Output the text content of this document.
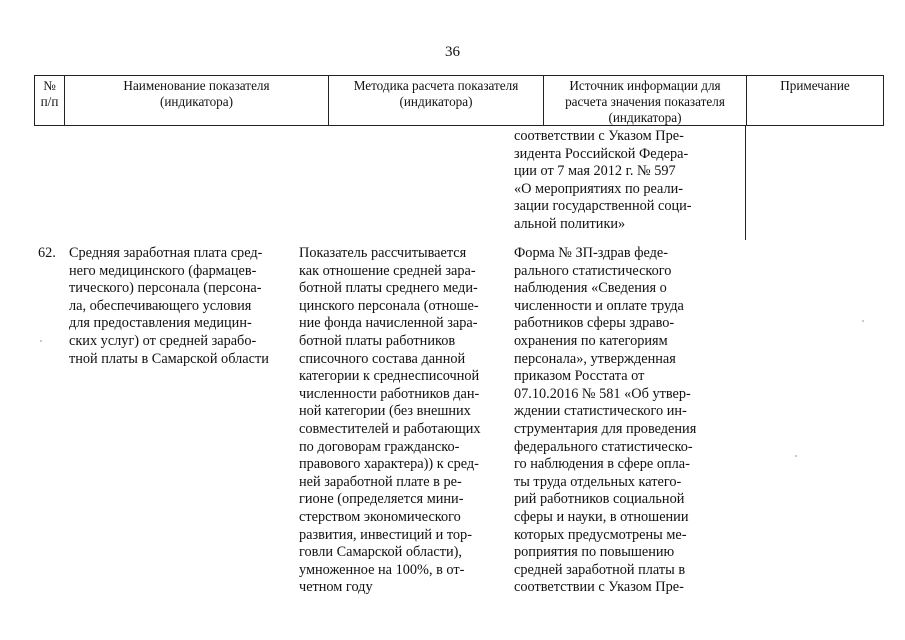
36
№
п/п
Наименование показателя
(индикатора)
Методика расчета показателя
(индикатора)
Источник информации для
расчета значения показателя
(индикатора)
Примечание
соответствии с Указом Пре-
зидента Российской Федера-
ции от 7 мая 2012 г. № 597
«О мероприятиях по реали-
зации государственной соци-
альной политики»
62. Средняя заработная плата сред-
него медицинского (фармацев-
тического) персонала (персона-
ла, обеспечивающего условия
для предоставления медицин-
ских услуг) от средней зарабо-
тной платы в Самарской области
Показатель рассчитывается
как отношение средней зара-
ботной платы среднего меди-
цинского персонала (отноше-
ние фонда начисленной зара-
ботной платы работников
списочного состава данной
категории к среднесписочной
численности работников дан-
ной категории (без внешних
совместителей и работающих
по договорам гражданско-
правового характера)) к сред-
ней заработной плате в ре-
гионе (определяется мини-
стерством экономического
развития, инвестиций и тор-
говли Самарской области),
умноженное на 100%, в от-
четном году
Форма № ЗП-здрав феде-
рального статистического
наблюдения «Сведения о
численности и оплате труда
работников сферы здраво-
охранения по категориям
персонала», утвержденная
приказом Росстата от
07.10.2016 № 581 «Об утвер-
ждении статистического ин-
струментария для проведения
федерального статистическо-
го наблюдения в сфере опла-
ты труда отдельных катего-
рий работников социальной
сферы и науки, в отношении
которых предусмотрены ме-
роприятия по повышению
средней заработной платы в
соответствии с Указом Пре-
